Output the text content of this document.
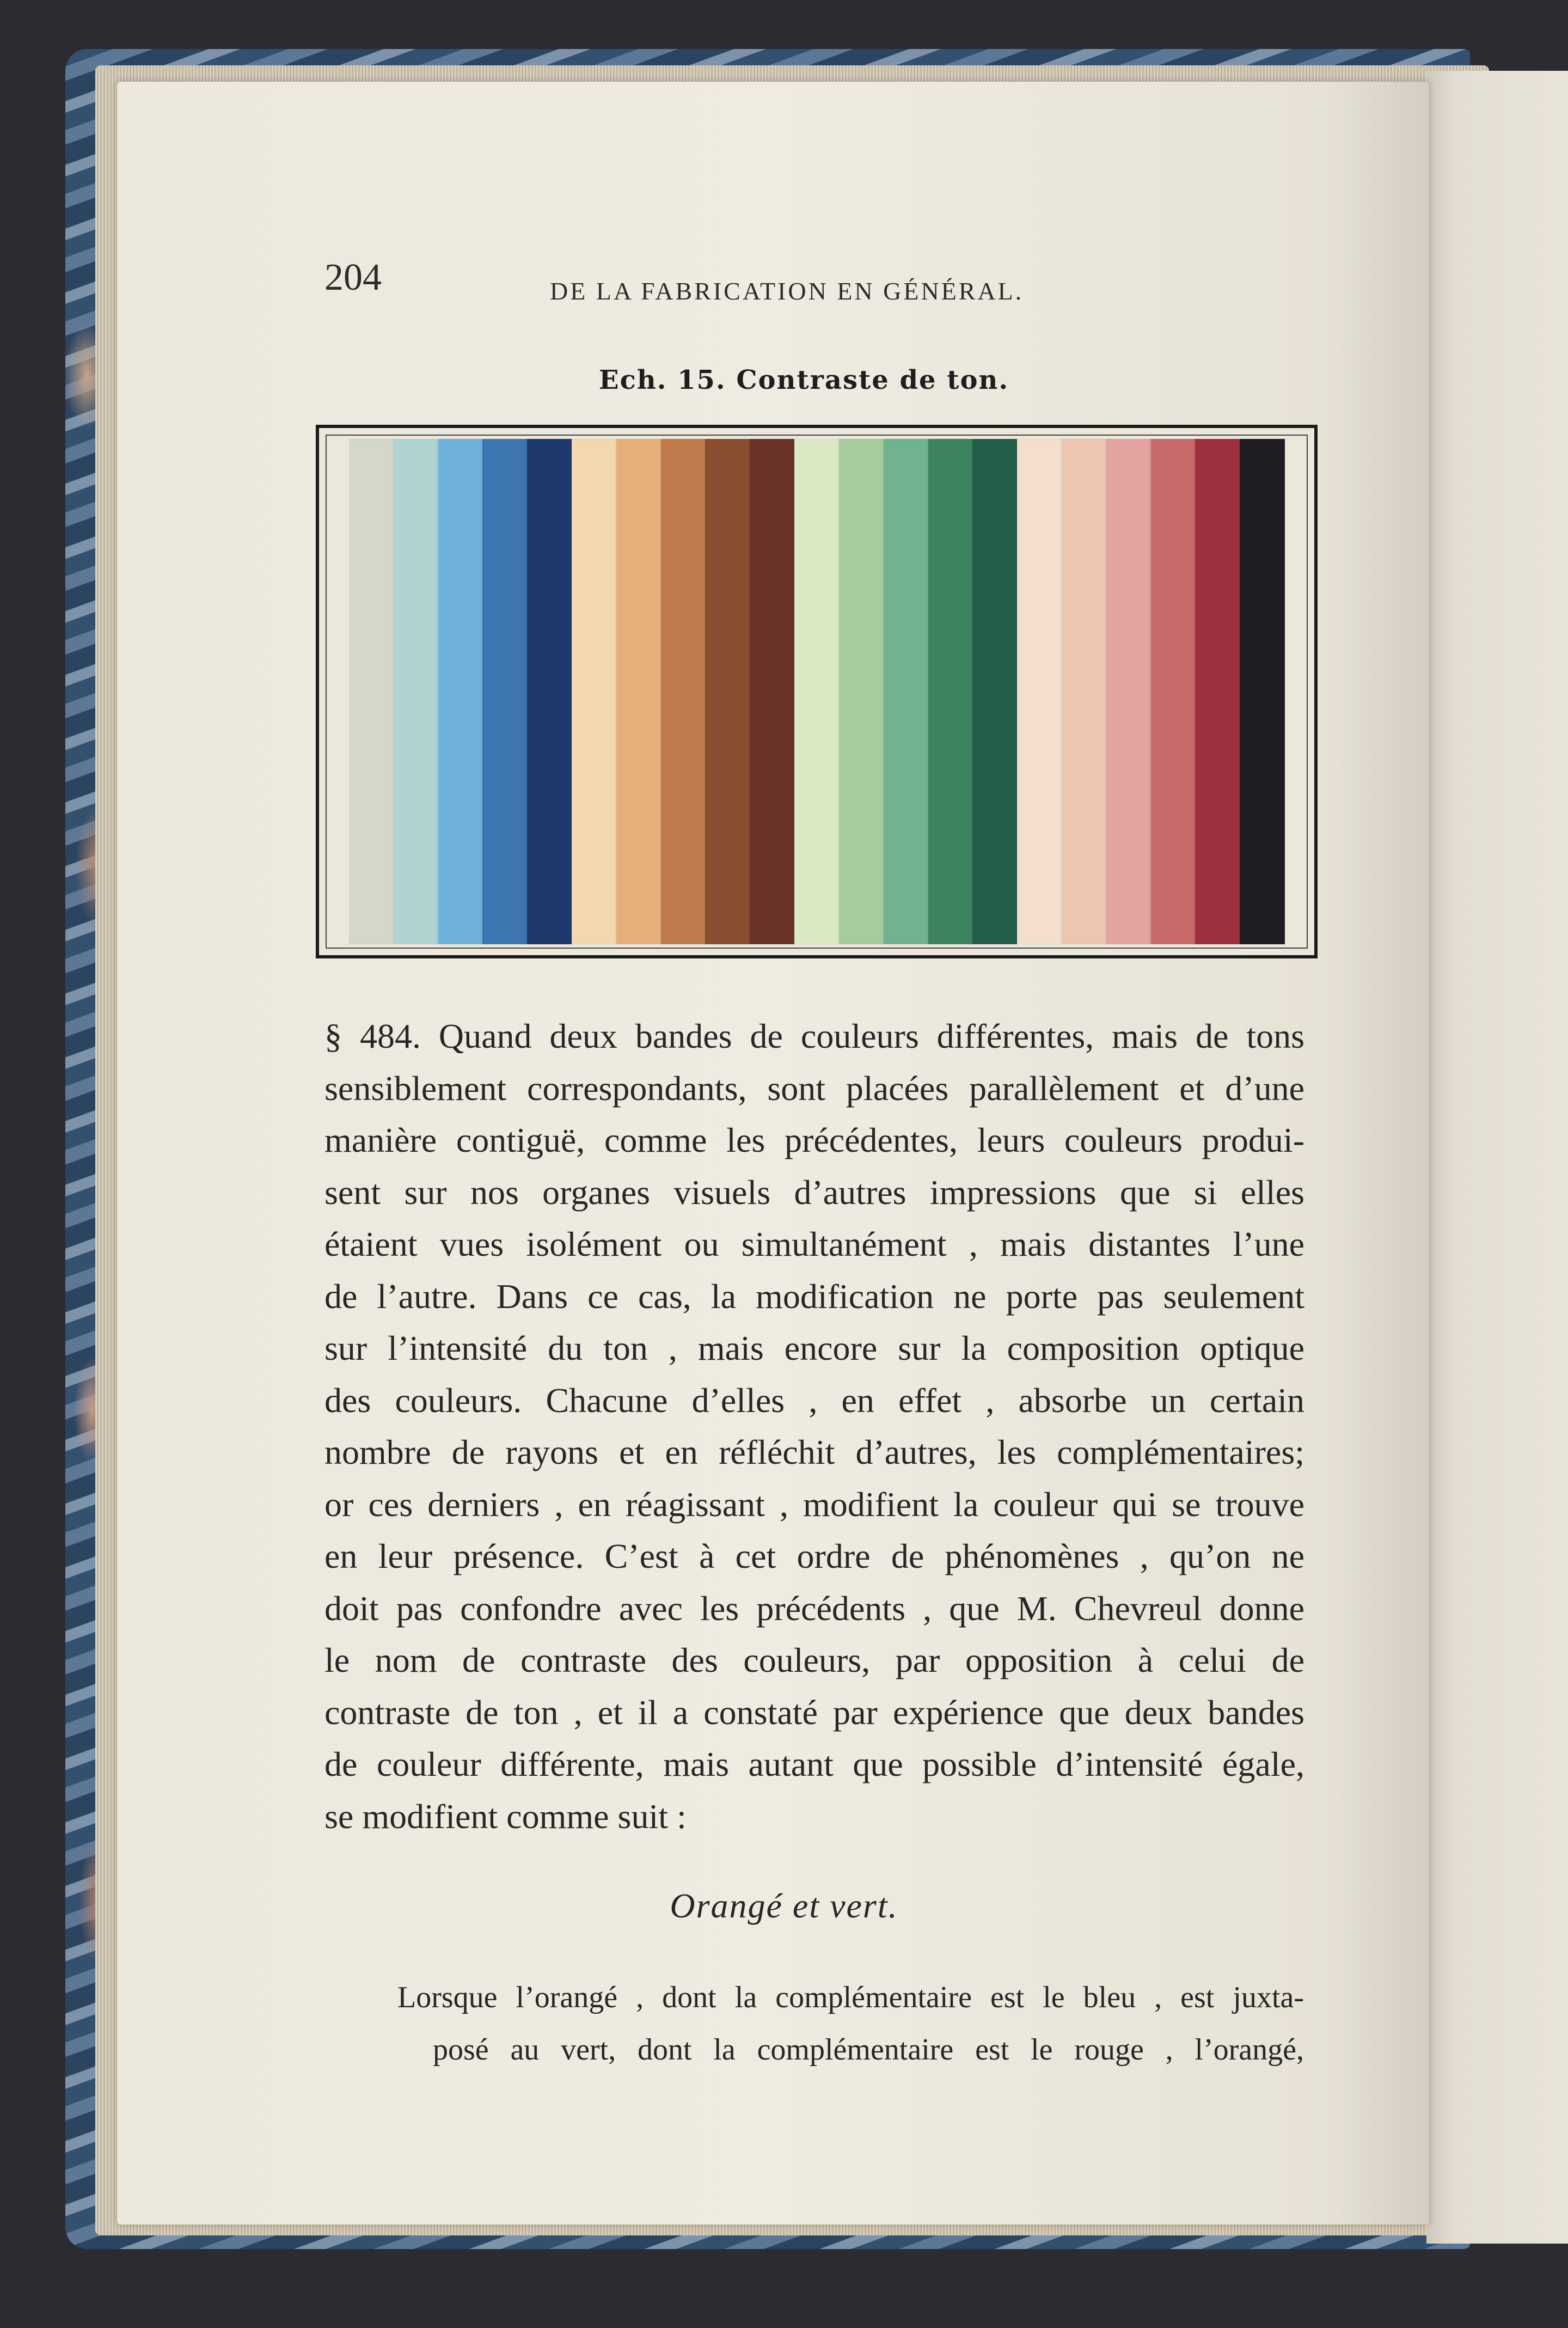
204	DE LA FABRICATION EN GÉNÉRAL.
Ech. 15. Contraste de ton.
§ 484. Quand deux bandes de couleurs différentes, mais de tons
sensiblement correspondants, sont placées parallèlement et d’une
manière contiguë, comme les précédentes, leurs couleurs produi-
sent sur nos organes visuels d’autres impressions que si elles
étaient vues isolément ou simultanément , mais distantes l’une
de l’autre. Dans ce cas, la modification ne porte pas seulement
sur l’intensité du ton , mais encore sur la composition optique
des couleurs. Chacune d’elles , en effet , absorbe un certain
nombre de rayons et en réfléchit d’autres, les complémentaires;
or ces derniers , en réagissant , modifient la couleur qui se trouve
en leur présence. C’est à cet ordre de phénomènes , qu’on ne
doit pas confondre avec les précédents , que M. Chevreul donne
le nom de contraste des couleurs, par opposition à celui de
contraste de ton , et il a constaté par expérience que deux bandes
de couleur différente, mais autant que possible d’intensité égale,
se modifient comme suit :
Orangé et vert.
Lorsque l’orangé , dont la complémentaire est le bleu , est juxta-
posé au vert, dont la complémentaire est le rouge , l’orangé,
